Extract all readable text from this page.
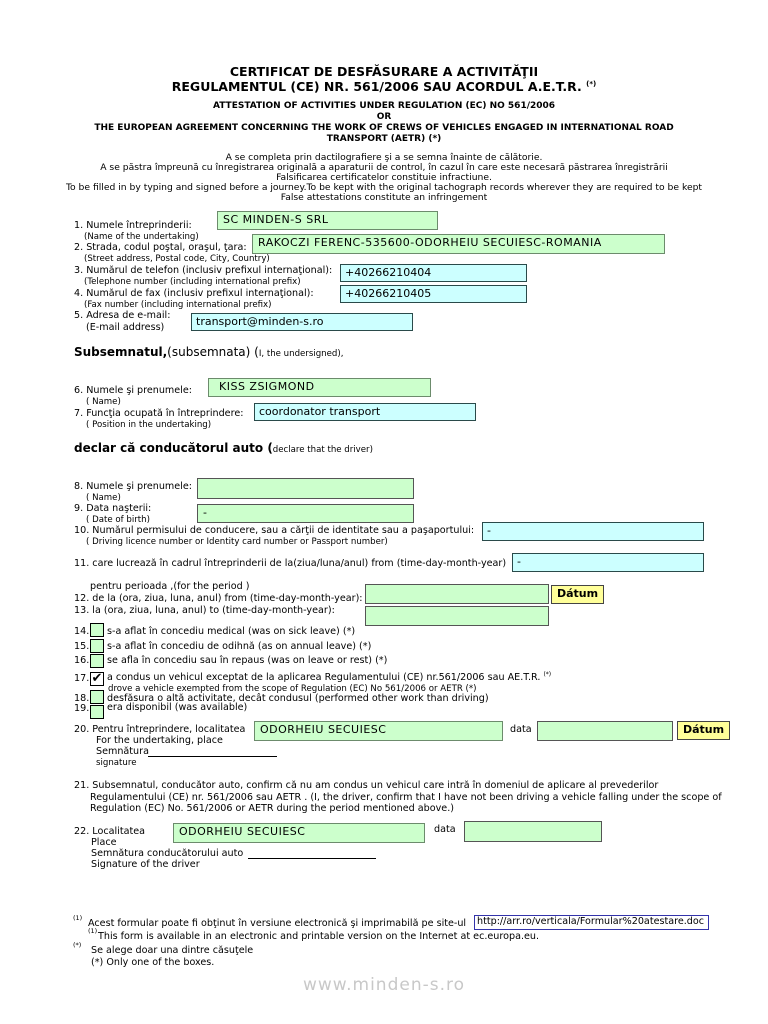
CERTIFICAT DE DESFĂSURARE A ACTIVITĂŢII
REGULAMENTUL (CE) NR. 561/2006 SAU ACORDUL A.E.T.R. (*)
ATTESTATION OF ACTIVITIES UNDER REGULATION (EC) NO 561/2006
OR
THE EUROPEAN AGREEMENT CONCERNING THE WORK OF CREWS OF VEHICLES ENGAGED IN INTERNATIONAL ROAD
TRANSPORT (AETR) (*)
A se completa prin dactilografiere şi a se semna înainte de călătorie.
A se păstra împreună cu înregistrarea originală a aparaturii de control, în cazul în care este necesară păstrarea înregistrării
Falsificarea certificatelor constituie infractiune.
To be filled in by typing and signed before a journey.To be kept with the original tachograph records wherever they are required to be kept
False attestations constitute an infringement
1. Numele întreprinderii:
(Name of the undertaking)
SC MINDEN-S SRL
2. Strada, codul poştal, oraşul, ţara:
(Street address, Postal code, City, Country)
RAKOCZI FERENC-535600-ODORHEIU SECUIESC-ROMANIA
3. Numărul de telefon (inclusiv prefixul internaţional):
(Telephone number (including international prefix)
+40266210404
4. Numărul de fax (inclusiv prefixul internaţional):
(Fax number (including international prefix)
+40266210405
5. Adresa de e-mail:
(E-mail address)	transport@minden-s.ro
Subsemnatul,(subsemnata) (I, the undersigned),
6. Numele şi prenumele:
( Name)
KISS ZSIGMOND
7. Funcţia ocupată în întreprindere:
( Position in the undertaking)
coordonator transport
declar că conducătorul auto (declare that the driver)
8. Numele şi prenumele:
( Name)
9. Data naşterii:
( Date of birth)
-
10. Numărul permisului de conducere, sau a cărţii de identitate sau a paşaportului:
( Driving licence number or Identity card number or Passport number)
-
11. care lucrează în cadrul întreprinderii de la(ziua/luna/anul) from (time-day-month-year) -
pentru perioada ,(for the period )
12. de la (ora, ziua, luna, anul) from (time-day-month-year):	Dátum
13. la (ora, ziua, luna, anul) to (time-day-month-year):
14. s-a aflat în concediu medical (was on sick leave) (*)
15. s-a aflat în concediu de odihnă (as on annual leave) (*)
16. se afla în concediu sau în repaus (was on leave or rest) (*)
17. ✔ a condus un vehicul exceptat de la aplicarea Regulamentului (CE) nr.561/2006 sau AE.T.R. (*)
drove a vehicle exempted from the scope of Regulation (EC) No 561/2006 or AETR (*)
18. desfăsura o altă activitate, decât condusul (performed other work than driving)
19. era disponibil (was available)
20. Pentru întreprindere, localitatea
For the undertaking, place
ODORHEIU SECUIESC	data	Dátum
Semnătura
signature
21. Subsemnatul, conducător auto, confirm că nu am condus un vehicul care intră în domeniul de aplicare al prevederilor
Regulamentului (CE) nr. 561/2006 sau AETR . (I, the driver, confirm that I have not been driving a vehicle falling under the scope of
Regulation (EC) No. 561/2006 or AETR during the period mentioned above.)
22. Localitatea
Place
ODORHEIU SECUIESC	data
Semnătura conducătorului auto
Signature of the driver
(1) Acest formular poate fi obţinut în versiune electronică şi imprimabilă pe site-ul	http://arr.ro/verticala/Formular%20atestare.doc
(1) This form is available in an electronic and printable version on the Internet at ec.europa.eu.
(*) Se alege doar una dintre căsuţele
(*) Only one of the boxes.
www.minden-s.ro
